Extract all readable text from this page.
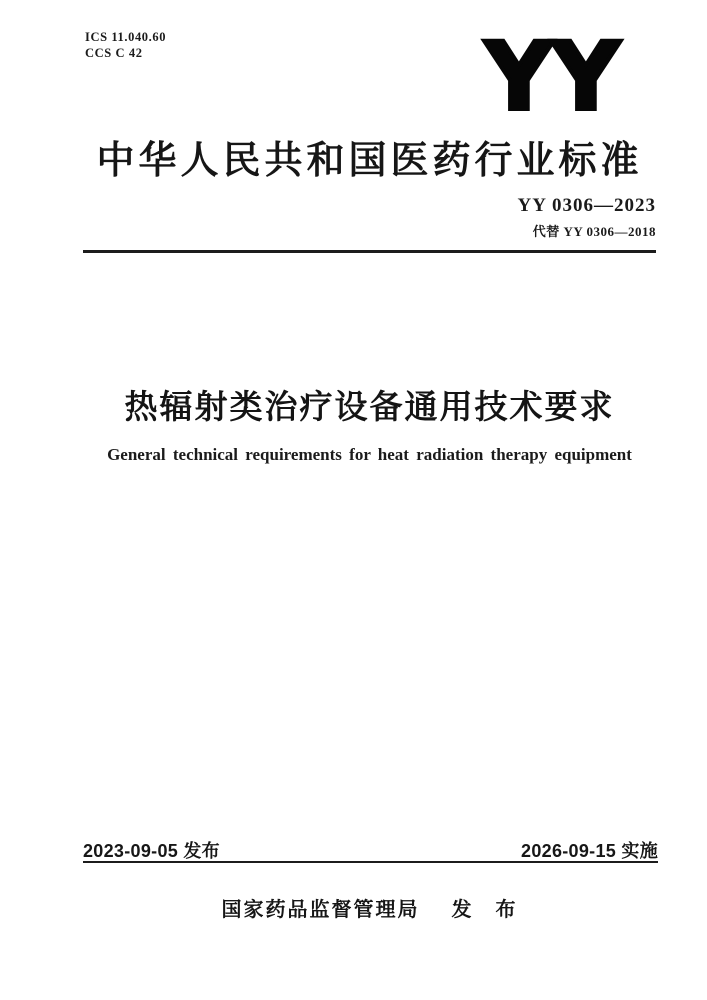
ICS 11.040.60
CCS C 42	YY
中华人民共和国医药行业标准
YY 0306—2023
代替 YY 0306—2018
热辐射类治疗设备通用技术要求
General technical requirements for heat radiation therapy equipment
2023-09-05 发布	2026-09-15 实施
国家药品监督管理局 发　布
